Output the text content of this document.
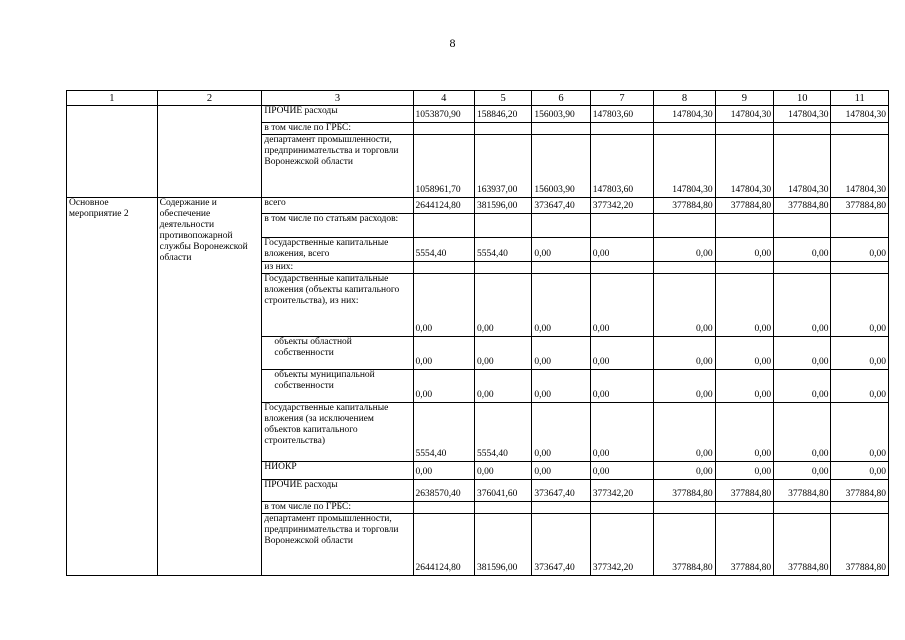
8
1	2	3	4	5	6	7	8	9	10	11
		ПРОЧИЕ расходы	1053870,90	158846,20	156003,90	147803,60	147804,30	147804,30	147804,30	147804,30
		в том числе по ГРБС:								
		департамент промышленности, предпринимательства и торговли Воронежской области	1058961,70	163937,00	156003,90	147803,60	147804,30	147804,30	147804,30	147804,30
Основное мероприятие 2	Содержание и обеспечение деятельности противопожарной службы Воронежской области	всего	2644124,80	381596,00	373647,40	377342,20	377884,80	377884,80	377884,80	377884,80
		в том числе по статьям расходов:								
		Государственные капитальные вложения, всего	5554,40	5554,40	0,00	0,00	0,00	0,00	0,00	0,00
		из них:								
		Государственные капитальные вложения (объекты капитального строительства), из них:	0,00	0,00	0,00	0,00	0,00	0,00	0,00	0,00
		объекты областной собственности	0,00	0,00	0,00	0,00	0,00	0,00	0,00	0,00
		объекты муниципальной собственности	0,00	0,00	0,00	0,00	0,00	0,00	0,00	0,00
		Государственные капитальные вложения (за исключением объектов капитального строительства)	5554,40	5554,40	0,00	0,00	0,00	0,00	0,00	0,00
		НИОКР	0,00	0,00	0,00	0,00	0,00	0,00	0,00	0,00
		ПРОЧИЕ расходы	2638570,40	376041,60	373647,40	377342,20	377884,80	377884,80	377884,80	377884,80
		в том числе по ГРБС:								
		департамент промышленности, предпринимательства и торговли Воронежской области	2644124,80	381596,00	373647,40	377342,20	377884,80	377884,80	377884,80	377884,80
